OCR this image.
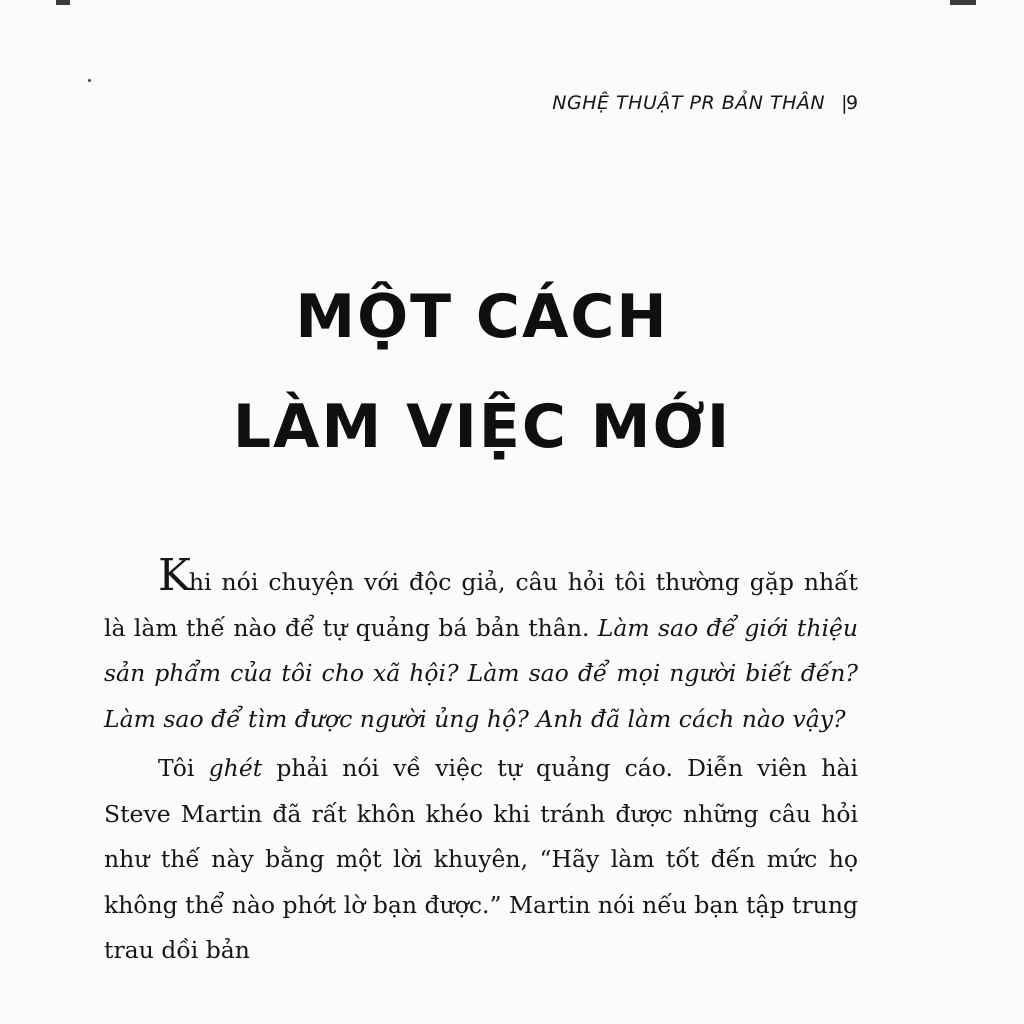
NGHỆ THUẬT PR BẢN THÂN |
9
MỘT CÁCH
LÀM VIỆC MỚI

Khi nói chuyện với độc giả, câu hỏi tôi thường gặp nhất là làm thế nào để tự quảng bá bản thân. Làm sao để giới thiệu sản phẩm của tôi cho xã hội? Làm sao để mọi người biết đến? Làm sao để tìm được người ủng hộ? Anh đã làm cách nào vậy?

Tôi ghét phải nói về việc tự quảng cáo. Diễn viên hài Steve Martin đã rất khôn khéo khi tránh được những câu hỏi như thế này bằng một lời khuyên, “Hãy làm tốt đến mức họ không thể nào phớt lờ bạn được.” Martin nói nếu bạn tập trung trau dồi bản
